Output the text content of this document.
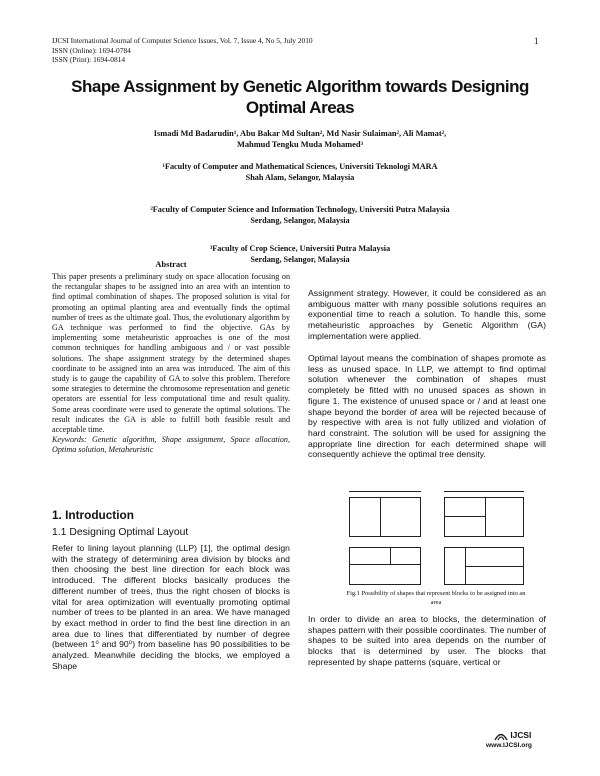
IJCSI International Journal of Computer Science Issues, Vol. 7, Issue 4, No 5, July 2010
ISSN (Online): 1694-0784
ISSN (Print): 1694-0814
1
Shape Assignment by Genetic Algorithm towards Designing
Optimal Areas
Ismadi Md Badarudin¹, Abu Bakar Md Sultan², Md Nasir Sulaiman², Ali Mamat²,
Mahmud Tengku Muda Mohamed³
¹Faculty of Computer and Mathematical Sciences, Universiti Teknologi MARA
Shah Alam, Selangor, Malaysia
²Faculty of Computer Science and Information Technology, Universiti Putra Malaysia
Serdang, Selangor, Malaysia
³Faculty of Crop Science, Universiti Putra Malaysia
Serdang, Selangor, Malaysia
Abstract

This paper presents a preliminary study on space allocation focusing on the rectangular shapes to be assigned into an area with an intention to find optimal combination of shapes. The proposed solution is vital for promoting an optimal planting area and eventually finds the optimal number of trees as the ultimate goal. Thus, the evolutionary algorithm by GA technique was performed to find the objective. GAs by implementing some metaheuristic approaches is one of the most common techniques for handling ambiguous and / or vast possible solutions. The shape assignment strategy by the determined shapes coordinate to be assigned into an area was introduced. The aim of this study is to gauge the capability of GA to solve this problem. Therefore some strategies to determine the chromosome representation and genetic operators are essential for less computational time and result quality. Some areas coordinate were used to generate the optimal solutions. The result indicates the GA is able to fulfill both feasible result and acceptable time.

Keywords: Genetic algorithm, Shape assignment, Space allocation, Optima solution, Metaheuristic

1. Introduction
1.1 Designing Optimal Layout
Refer to lining layout planning (LLP) [1], the optimal design with the strategy of determining area division by blocks and then choosing the best line direction for each block was introduced. The different blocks basically produces the different number of trees, thus the right chosen of blocks is vital for area optimization will eventually promoting optimal number of trees to be planted in an area. We have managed by exact method in order to find the best line direction in an area due to lines that differentiated by number of degree (between 1⁰ and 90⁰) from baseline has 90 possibilities to be analyzed. Meanwhile deciding the blocks, we employed a Shape
Assignment strategy. However, it could be considered as an ambiguous matter with many possible solutions requires an exponential time to reach a solution. To handle this, some metaheuristic approaches by Genetic Algorithm (GA) implementation were applied.
Optimal layout means the combination of shapes promote as less as unused space. In LLP, we attempt to find optimal solution whenever the combination of shapes must completely be fitted with no unused spaces as shown in figure 1. The existence of unused space or / and at least one shape beyond the border of area will be rejected because of by respective with area is not fully utilized and violation of hard constraint. The solution will be used for assigning the appropriate line direction for each determined shape will consequently achieve the optimal tree density.
Fig.1 Possibility of shapes that represent blocks to be assigned into an area
In order to divide an area to blocks, the determination of shapes pattern with their possible coordinates. The number of shapes to be suited into area depends on the number of blocks that is determined by user. The blocks that represented by shape patterns (square, vertical or
IJCSI
www.IJCSI.org
